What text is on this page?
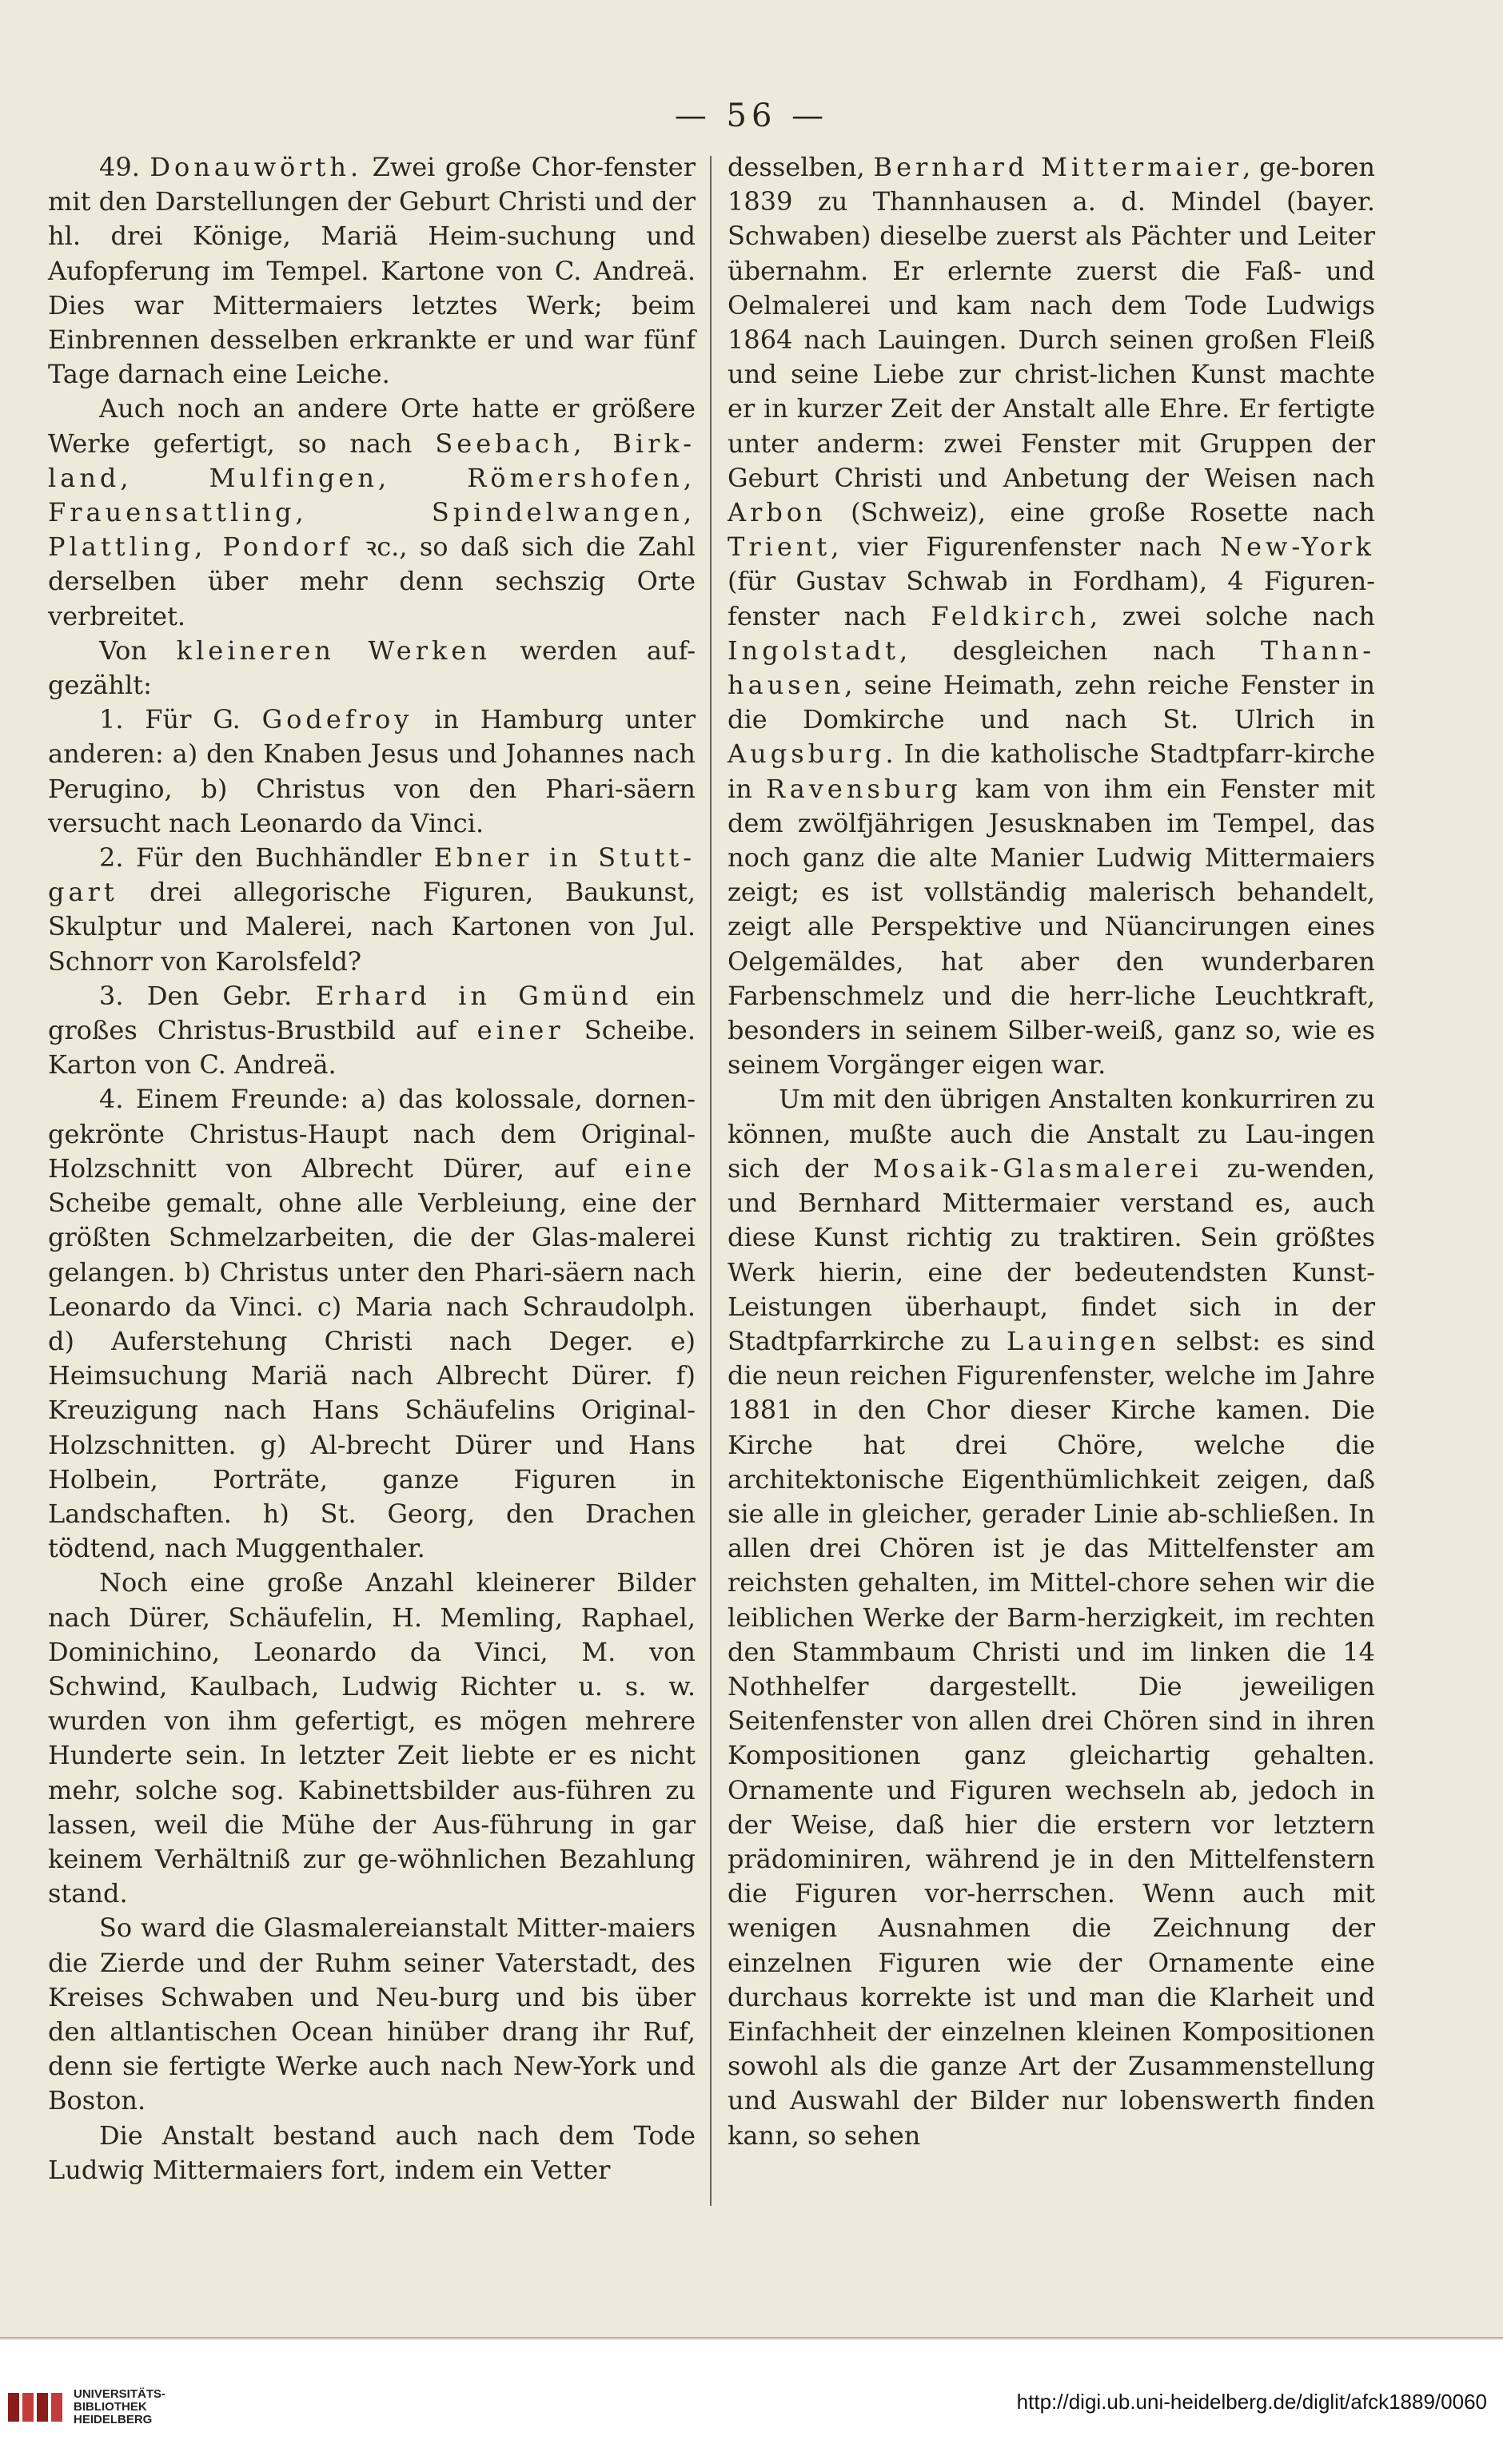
— 56 —

49. Donauwörth. Zwei große Chor-fenster mit den Darstellungen der Geburt Christi und der hl. drei Könige, Mariä Heim-suchung und Aufopferung im Tempel. Kartone von C. Andreä. Dies war Mittermaiers letztes Werk; beim Einbrennen desselben erkrankte er und war fünf Tage darnach eine Leiche.

Auch noch an andere Orte hatte er größere Werke gefertigt, so nach Seebach, Birk-land, Mulfingen, Römershofen, Frauensattling, Spindelwangen, Plattling, Pondorf ꝛc., so daß sich die Zahl derselben über mehr denn sechszig Orte verbreitet.

Von kleineren Werken werden auf-gezählt:

1. Für G. Godefroy in Hamburg unter anderen: a) den Knaben Jesus und Johannes nach Perugino, b) Christus von den Phari-säern versucht nach Leonardo da Vinci.

2. Für den Buchhändler Ebner in Stutt-gart drei allegorische Figuren, Baukunst, Skulptur und Malerei, nach Kartonen von Jul. Schnorr von Karolsfeld?

3. Den Gebr. Erhard in Gmünd ein großes Christus-Brustbild auf einer Scheibe. Karton von C. Andreä.

4. Einem Freunde: a) das kolossale, dornen-gekrönte Christus-Haupt nach dem Original-Holzschnitt von Albrecht Dürer, auf eine Scheibe gemalt, ohne alle Verbleiung, eine der größten Schmelzarbeiten, die der Glas-malerei gelangen. b) Christus unter den Phari-säern nach Leonardo da Vinci. c) Maria nach Schraudolph. d) Auferstehung Christi nach Deger. e) Heimsuchung Mariä nach Albrecht Dürer. f) Kreuzigung nach Hans Schäufelins Original-Holzschnitten. g) Al-brecht Dürer und Hans Holbein, Porträte, ganze Figuren in Landschaften. h) St. Georg, den Drachen tödtend, nach Muggenthaler.

Noch eine große Anzahl kleinerer Bilder nach Dürer, Schäufelin, H. Memling, Raphael, Dominichino, Leonardo da Vinci, M. von Schwind, Kaulbach, Ludwig Richter u. s. w. wurden von ihm gefertigt, es mögen mehrere Hunderte sein. In letzter Zeit liebte er es nicht mehr, solche sog. Kabinettsbilder aus-führen zu lassen, weil die Mühe der Aus-führung in gar keinem Verhältniß zur ge-wöhnlichen Bezahlung stand.

So ward die Glasmalereianstalt Mitter-maiers die Zierde und der Ruhm seiner Vaterstadt, des Kreises Schwaben und Neu-burg und bis über den altlantischen Ocean hinüber drang ihr Ruf, denn sie fertigte Werke auch nach New-York und Boston.

Die Anstalt bestand auch nach dem Tode Ludwig Mittermaiers fort, indem ein Vetter

desselben, Bernhard Mittermaier, ge-boren 1839 zu Thannhausen a. d. Mindel (bayer. Schwaben) dieselbe zuerst als Pächter und Leiter übernahm. Er erlernte zuerst die Faß- und Oelmalerei und kam nach dem Tode Ludwigs 1864 nach Lauingen. Durch seinen großen Fleiß und seine Liebe zur christ-lichen Kunst machte er in kurzer Zeit der Anstalt alle Ehre. Er fertigte unter anderm: zwei Fenster mit Gruppen der Geburt Christi und Anbetung der Weisen nach Arbon (Schweiz), eine große Rosette nach Trient, vier Figurenfenster nach New-York (für Gustav Schwab in Fordham), 4 Figuren-fenster nach Feldkirch, zwei solche nach Ingolstadt, desgleichen nach Thann-hausen, seine Heimath, zehn reiche Fenster in die Domkirche und nach St. Ulrich in Augsburg. In die katholische Stadtpfarr-kirche in Ravensburg kam von ihm ein Fenster mit dem zwölfjährigen Jesusknaben im Tempel, das noch ganz die alte Manier Ludwig Mittermaiers zeigt; es ist vollständig malerisch behandelt, zeigt alle Perspektive und Nüancirungen eines Oelgemäldes, hat aber den wunderbaren Farbenschmelz und die herr-liche Leuchtkraft, besonders in seinem Silber-weiß, ganz so, wie es seinem Vorgänger eigen war.

Um mit den übrigen Anstalten konkurriren zu können, mußte auch die Anstalt zu Lau-ingen sich der Mosaik-Glasmalerei zu-wenden, und Bernhard Mittermaier verstand es, auch diese Kunst richtig zu traktiren. Sein größtes Werk hierin, eine der bedeutendsten Kunst-Leistungen überhaupt, findet sich in der Stadtpfarrkirche zu Lauingen selbst: es sind die neun reichen Figurenfenster, welche im Jahre 1881 in den Chor dieser Kirche kamen. Die Kirche hat drei Chöre, welche die architektonische Eigenthümlichkeit zeigen, daß sie alle in gleicher, gerader Linie ab-schließen. In allen drei Chören ist je das Mittelfenster am reichsten gehalten, im Mittel-chore sehen wir die leiblichen Werke der Barm-herzigkeit, im rechten den Stammbaum Christi und im linken die 14 Nothhelfer dargestellt. Die jeweiligen Seitenfenster von allen drei Chören sind in ihren Kompositionen ganz gleichartig gehalten. Ornamente und Figuren wechseln ab, jedoch in der Weise, daß hier die erstern vor letztern prädominiren, während je in den Mittelfenstern die Figuren vor-herrschen. Wenn auch mit wenigen Ausnahmen die Zeichnung der einzelnen Figuren wie der Ornamente eine durchaus korrekte ist und man die Klarheit und Einfachheit der einzelnen kleinen Kompositionen sowohl als die ganze Art der Zusammenstellung und Auswahl der Bilder nur lobenswerth finden kann, so sehen

UNIVERSITÄTS-
BIBLIOTHEK
HEIDELBERG
http://digi.ub.uni-heidelberg.de/diglit/afck1889/0060
